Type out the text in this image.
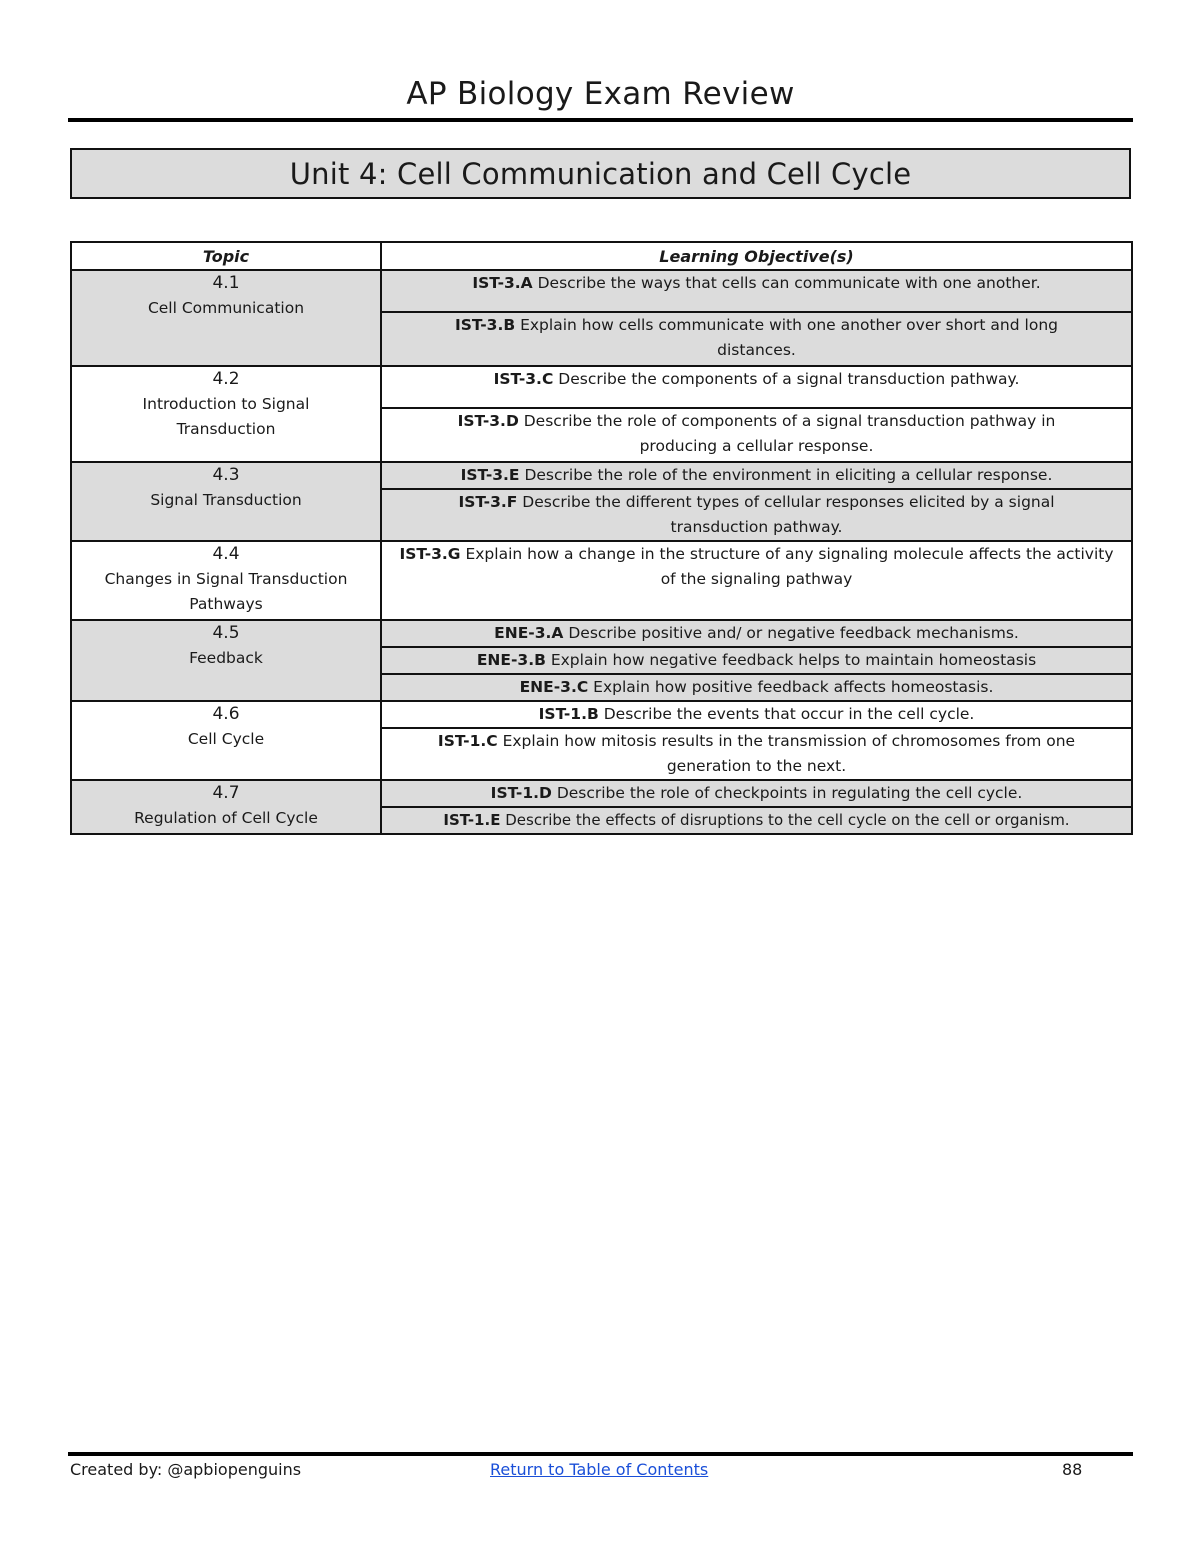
AP Biology Exam Review
Unit 4: Cell Communication and Cell Cycle
Topic	Learning Objective(s)

4.1
Cell Communication	IST-3.A Describe the ways that cells can communicate with one another.
	IST-3.B Explain how cells communicate with one another over short and long distances.

4.2
Introduction to Signal Transduction	IST-3.C Describe the components of a signal transduction pathway.
	IST-3.D Describe the role of components of a signal transduction pathway in producing a cellular response.

4.3
Signal Transduction	IST-3.E Describe the role of the environment in eliciting a cellular response.
	IST-3.F Describe the different types of cellular responses elicited by a signal transduction pathway.

4.4
Changes in Signal Transduction Pathways	IST-3.G Explain how a change in the structure of any signaling molecule affects the activity of the signaling pathway

4.5
Feedback	ENE-3.A Describe positive and/ or negative feedback mechanisms.
	ENE-3.B Explain how negative feedback helps to maintain homeostasis
	ENE-3.C Explain how positive feedback affects homeostasis.

4.6
Cell Cycle	IST-1.B Describe the events that occur in the cell cycle.
	IST-1.C Explain how mitosis results in the transmission of chromosomes from one generation to the next.

4.7
Regulation of Cell Cycle	IST-1.D Describe the role of checkpoints in regulating the cell cycle.
	IST-1.E Describe the effects of disruptions to the cell cycle on the cell or organism.
Created by: @apbiopenguins	Return to Table of Contents	88
